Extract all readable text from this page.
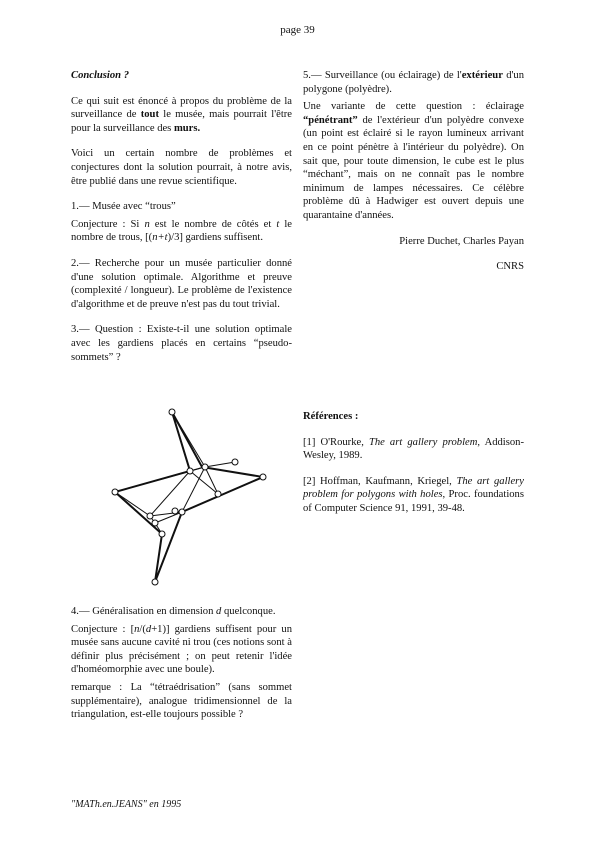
page 39

Conclusion ?

Ce qui suit est énoncé à propos du problème de la surveillance de tout le musée, mais pourrait l'être pour la surveillance des murs.

Voici un certain nombre de problèmes et conjectures dont la solution pourrait, à notre avis, être publié dans une revue scientifique.

1.— Musée avec “trous”

Conjecture : Si n est le nombre de côtés et t le nombre de trous, [(n+t)/3] gardiens suffisent.

2.— Recherche pour un musée particulier donné d'une solution optimale. Algorithme et preuve (complexité / longueur). Le problème de l'existence d'algorithme et de preuve n'est pas du tout trivial.

3.— Question : Existe-t-il une solution optimale avec les gardiens placés en certains “pseudo-sommets” ?

4.— Généralisation en dimension d quelconque.

Conjecture : [n/(d+1)] gardiens suffisent pour un musée sans aucune cavité ni trou (ces notions sont à définir plus précisément ; on peut retenir l'idée d'homéomorphie avec une boule).

remarque : La “tétraédrisation” (sans sommet supplémentaire), analogue tridimensionnel de la triangulation, est-elle toujours possible ?

5.— Surveillance (ou éclairage) de l'extérieur d'un polygone (polyèdre).

Une variante de cette question : éclairage “pénétrant” de l'extérieur d'un polyèdre convexe (un point est éclairé si le rayon lumineux arrivant en ce point pénètre à l'intérieur du polyèdre). On sait que, pour toute dimension, le cube est le plus “méchant”, mais on ne connaît pas le nombre minimum de lampes nécessaires. Ce célèbre problème dû à Hadwiger est ouvert depuis une quarantaine d'années.

Pierre Duchet, Charles Payan

CNRS

Références :

[1] O'Rourke, The art gallery problem, Addison-Wesley, 1989.

[2] Hoffman, Kaufmann, Kriegel, The art gallery problem for polygons with holes, Proc. foundations of Computer Science 91, 1991, 39-48.

"MATh.en.JEANS" en 1995
